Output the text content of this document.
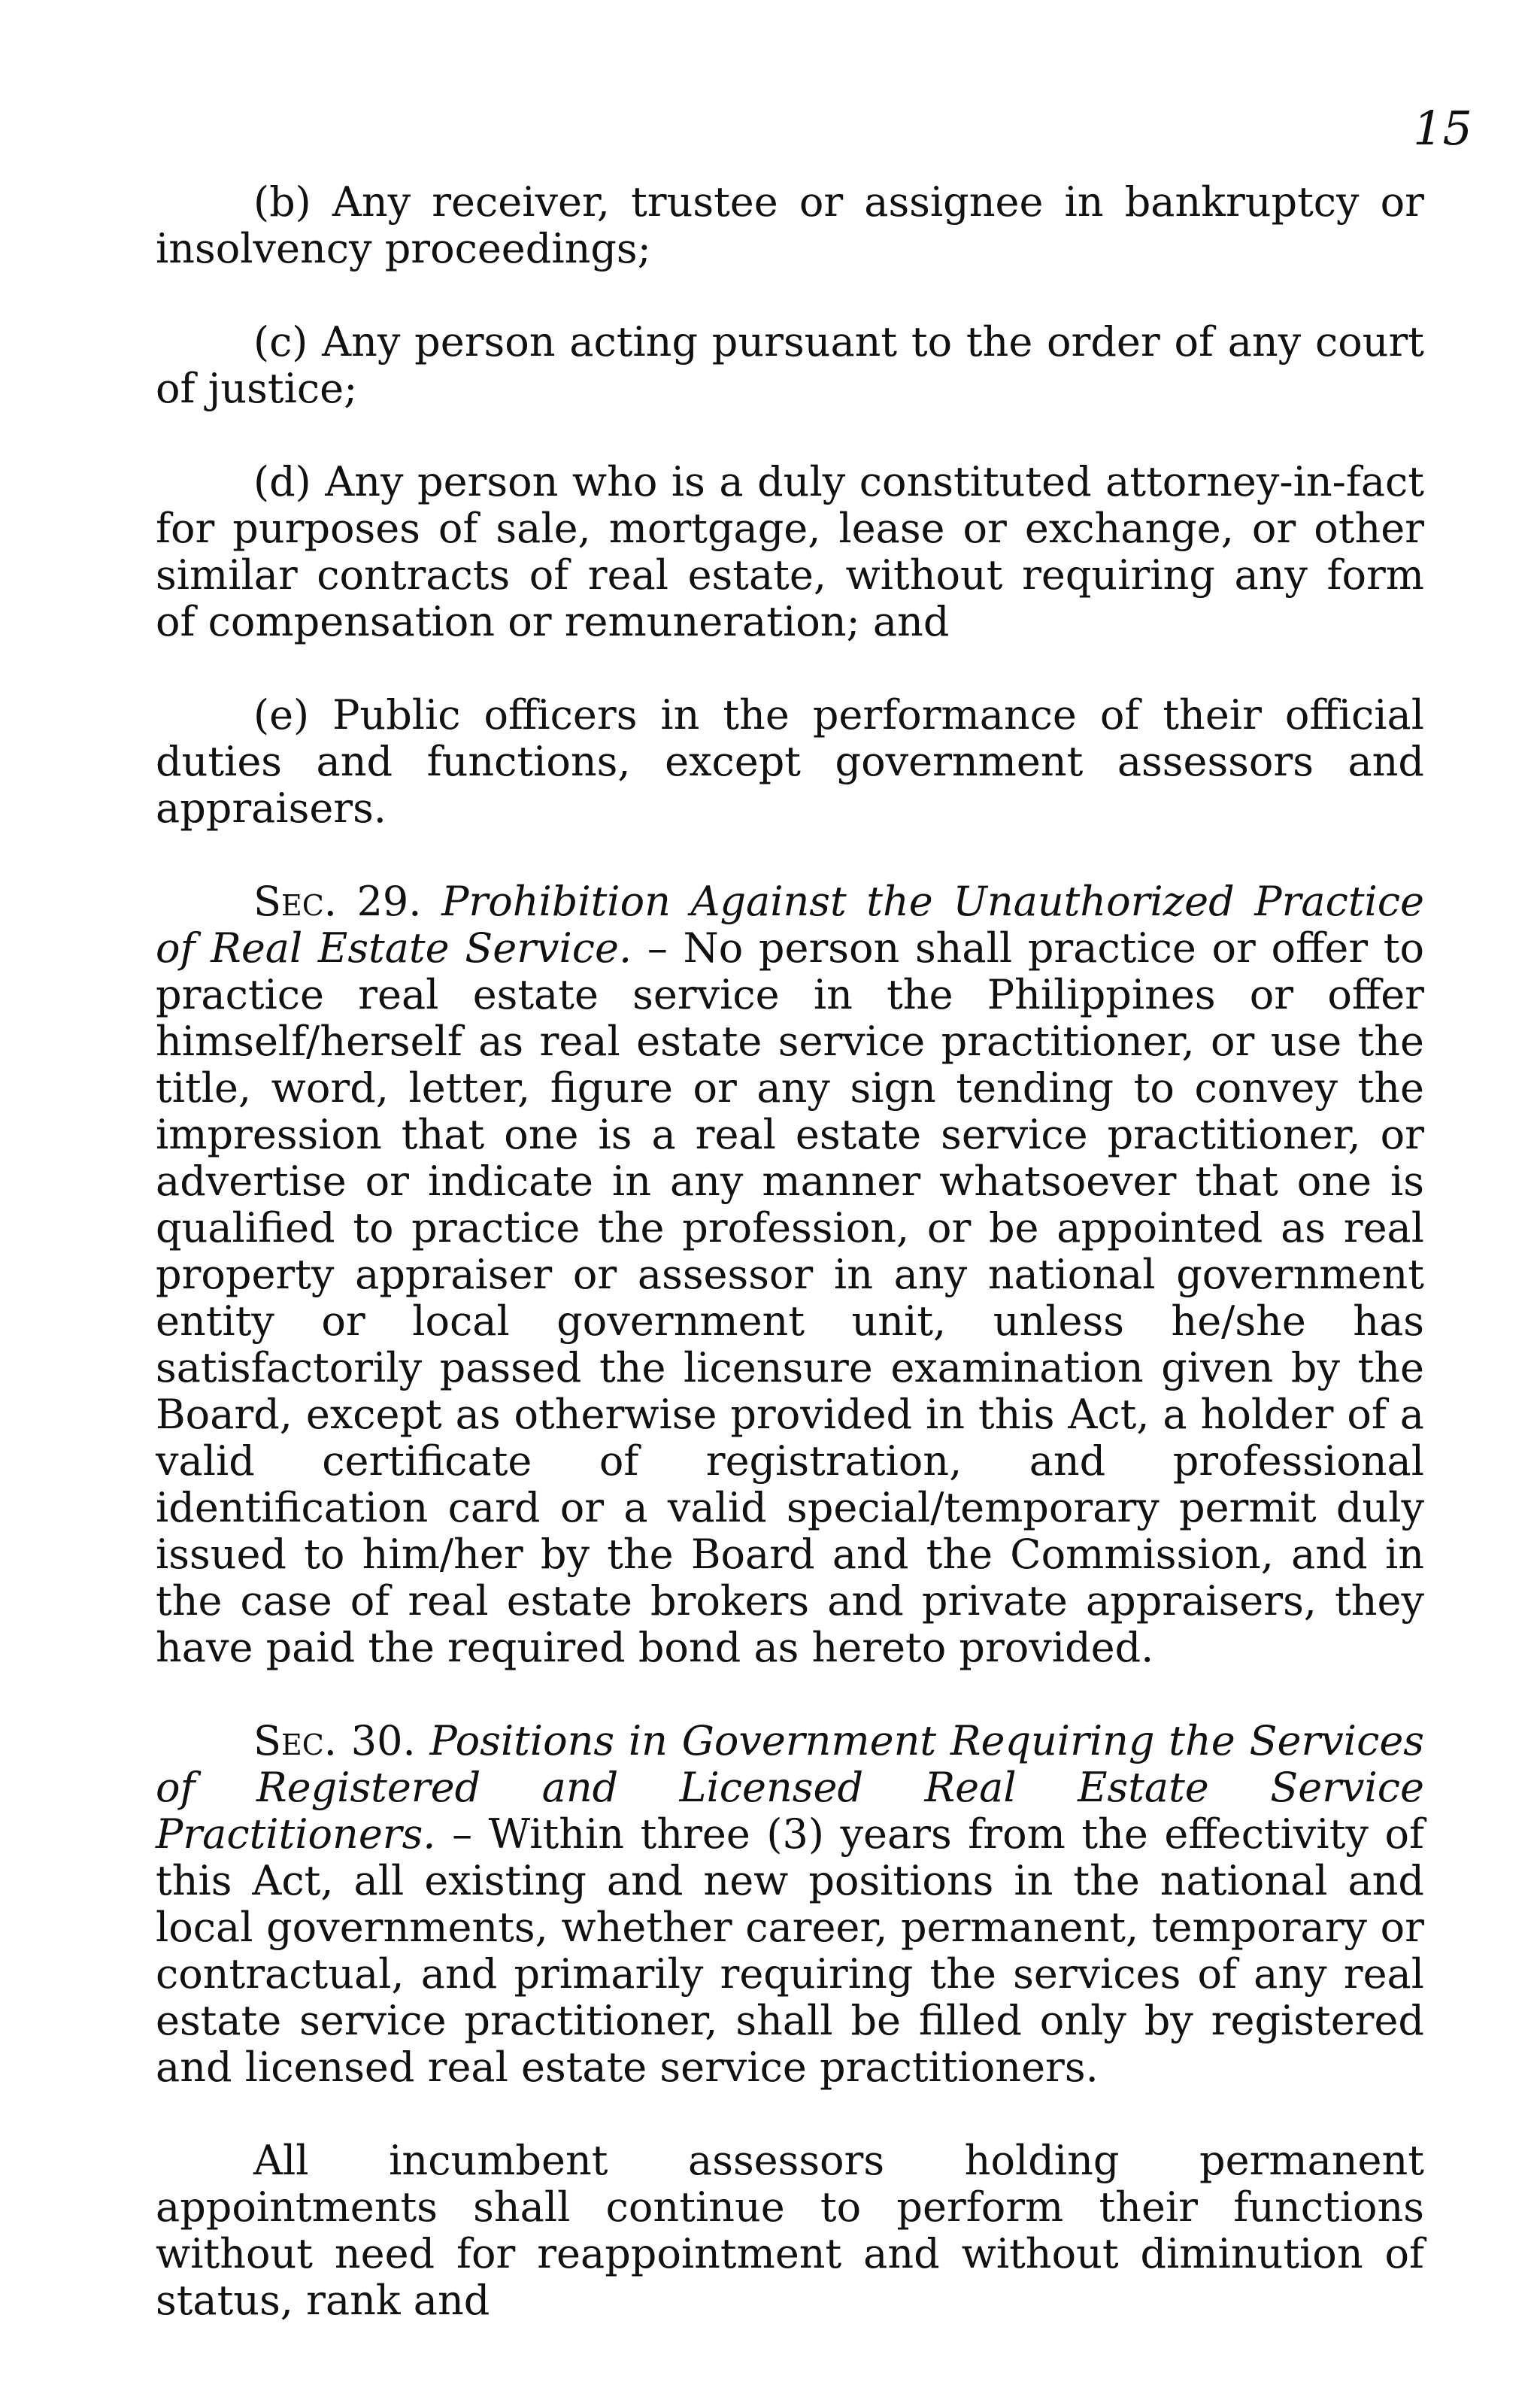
15

(b) Any receiver, trustee or assignee in bankruptcy or insolvency proceedings;

(c) Any person acting pursuant to the order of any court of justice;

(d) Any person who is a duly constituted attorney-in-fact for purposes of sale, mortgage, lease or exchange, or other similar contracts of real estate, without requiring any form of compensation or remuneration; and

(e) Public officers in the performance of their official duties and functions, except government assessors and appraisers.

Sec. 29. Prohibition Against the Unauthorized Practice of Real Estate Service. – No person shall practice or offer to practice real estate service in the Philippines or offer himself/herself as real estate service practitioner, or use the title, word, letter, figure or any sign tending to convey the impression that one is a real estate service practitioner, or advertise or indicate in any manner whatsoever that one is qualified to practice the profession, or be appointed as real property appraiser or assessor in any national government entity or local government unit, unless he/she has satisfactorily passed the licensure examination given by the Board, except as otherwise provided in this Act, a holder of a valid certificate of registration, and professional identification card or a valid special/temporary permit duly issued to him/her by the Board and the Commission, and in the case of real estate brokers and private appraisers, they have paid the required bond as hereto provided.

Sec. 30. Positions in Government Requiring the Services of Registered and Licensed Real Estate Service Practitioners. – Within three (3) years from the effectivity of this Act, all existing and new positions in the national and local governments, whether career, permanent, temporary or contractual, and primarily requiring the services of any real estate service practitioner, shall be filled only by registered and licensed real estate service practitioners.

All incumbent assessors holding permanent appointments shall continue to perform their functions without need for reappointment and without diminution of status, rank and
